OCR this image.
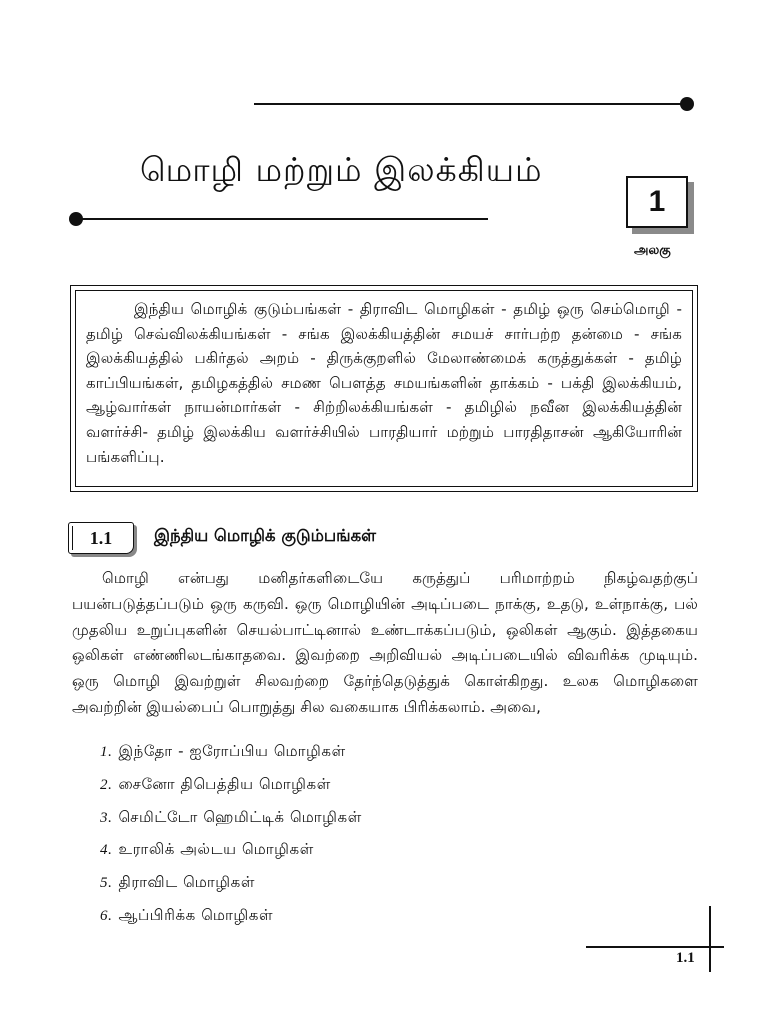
மொழி மற்றும் இலக்கியம்
1
அலகு
இந்திய மொழிக் குடும்பங்கள் - திராவிட மொழிகள் - தமிழ் ஒரு செம்மொழி - தமிழ் செவ்விலக்கியங்கள் - சங்க இலக்கியத்தின் சமயச் சார்பற்ற தன்மை - சங்க இலக்கியத்தில் பகிர்தல் அறம் - திருக்குறளில் மேலாண்மைக் கருத்துக்கள் - தமிழ் காப்பியங்கள், தமிழகத்தில் சமண பௌத்த சமயங்களின் தாக்கம் - பக்தி இலக்கியம், ஆழ்வார்கள் நாயன்மார்கள் - சிற்றிலக்கியங்கள் - தமிழில் நவீன இலக்கியத்தின் வளர்ச்சி- தமிழ் இலக்கிய வளர்ச்சியில் பாரதியார் மற்றும் பாரதிதாசன் ஆகியோரின் பங்களிப்பு.
1.1	இந்திய மொழிக் குடும்பங்கள்
மொழி என்பது மனிதர்களிடையே கருத்துப் பரிமாற்றம் நிகழ்வதற்குப் பயன்படுத்தப்படும் ஒரு கருவி. ஒரு மொழியின் அடிப்படை நாக்கு, உதடு, உள்நாக்கு, பல் முதலிய உறுப்புகளின் செயல்பாட்டினால் உண்டாக்கப்படும், ஒலிகள் ஆகும். இத்தகைய ஒலிகள் எண்ணிலடங்காதவை. இவற்றை அறிவியல் அடிப்படையில் விவரிக்க முடியும். ஒரு மொழி இவற்றுள் சிலவற்றை தேர்ந்தெடுத்துக் கொள்கிறது. உலக மொழிகளை அவற்றின் இயல்பைப் பொறுத்து சில வகையாக பிரிக்கலாம். அவை,
1. இந்தோ - ஐரோப்பிய மொழிகள்
2. சைனோ திபெத்திய மொழிகள்
3. செமிட்டோ ஹெமிட்டிக் மொழிகள்
4. உராலிக் அல்டய மொழிகள்
5. திராவிட மொழிகள்
6. ஆப்பிரிக்க மொழிகள்
1.1
